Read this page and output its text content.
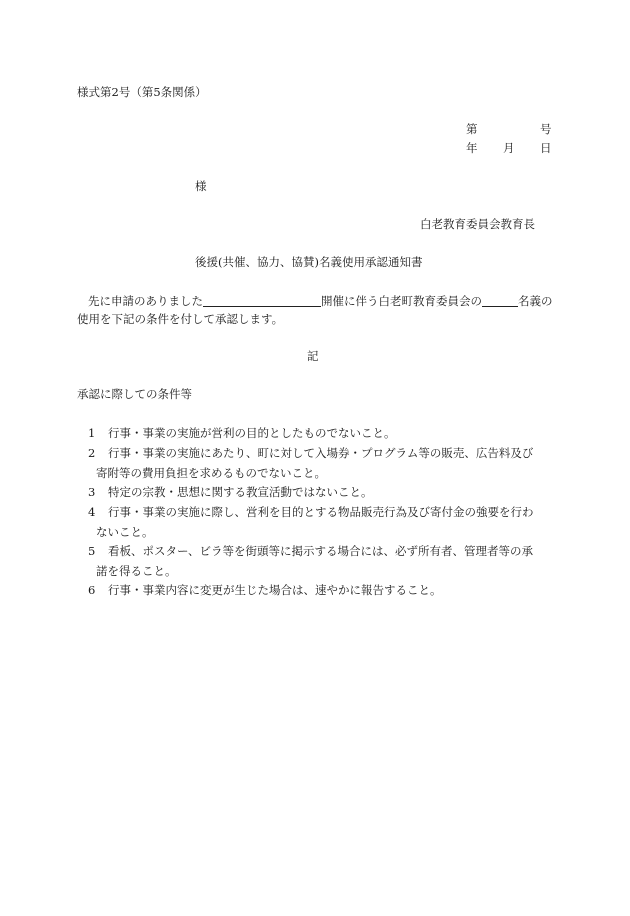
様式第2号（第5条関係）
第	号
年 月 日
様
白老教育委員会教育長
後援(共催、協力、協賛)名義使用承認通知書
先に申請のありました	開催に伴う白老町教育委員会の	名義の
使用を下記の条件を付して承認します。
記
承認に際しての条件等
1 行事・事業の実施が営利の目的としたものでないこと。
2 行事・事業の実施にあたり、町に対して入場券・プログラム等の販売、広告料及び
寄附等の費用負担を求めるものでないこと。
3 特定の宗教・思想に関する教宣活動ではないこと。
4 行事・事業の実施に際し、営利を目的とする物品販売行為及び寄付金の強要を行わ
ないこと。
5 看板、ポスター、ビラ等を街頭等に掲示する場合には、必ず所有者、管理者等の承
諾を得ること。
6 行事・事業内容に変更が生じた場合は、速やかに報告すること。
